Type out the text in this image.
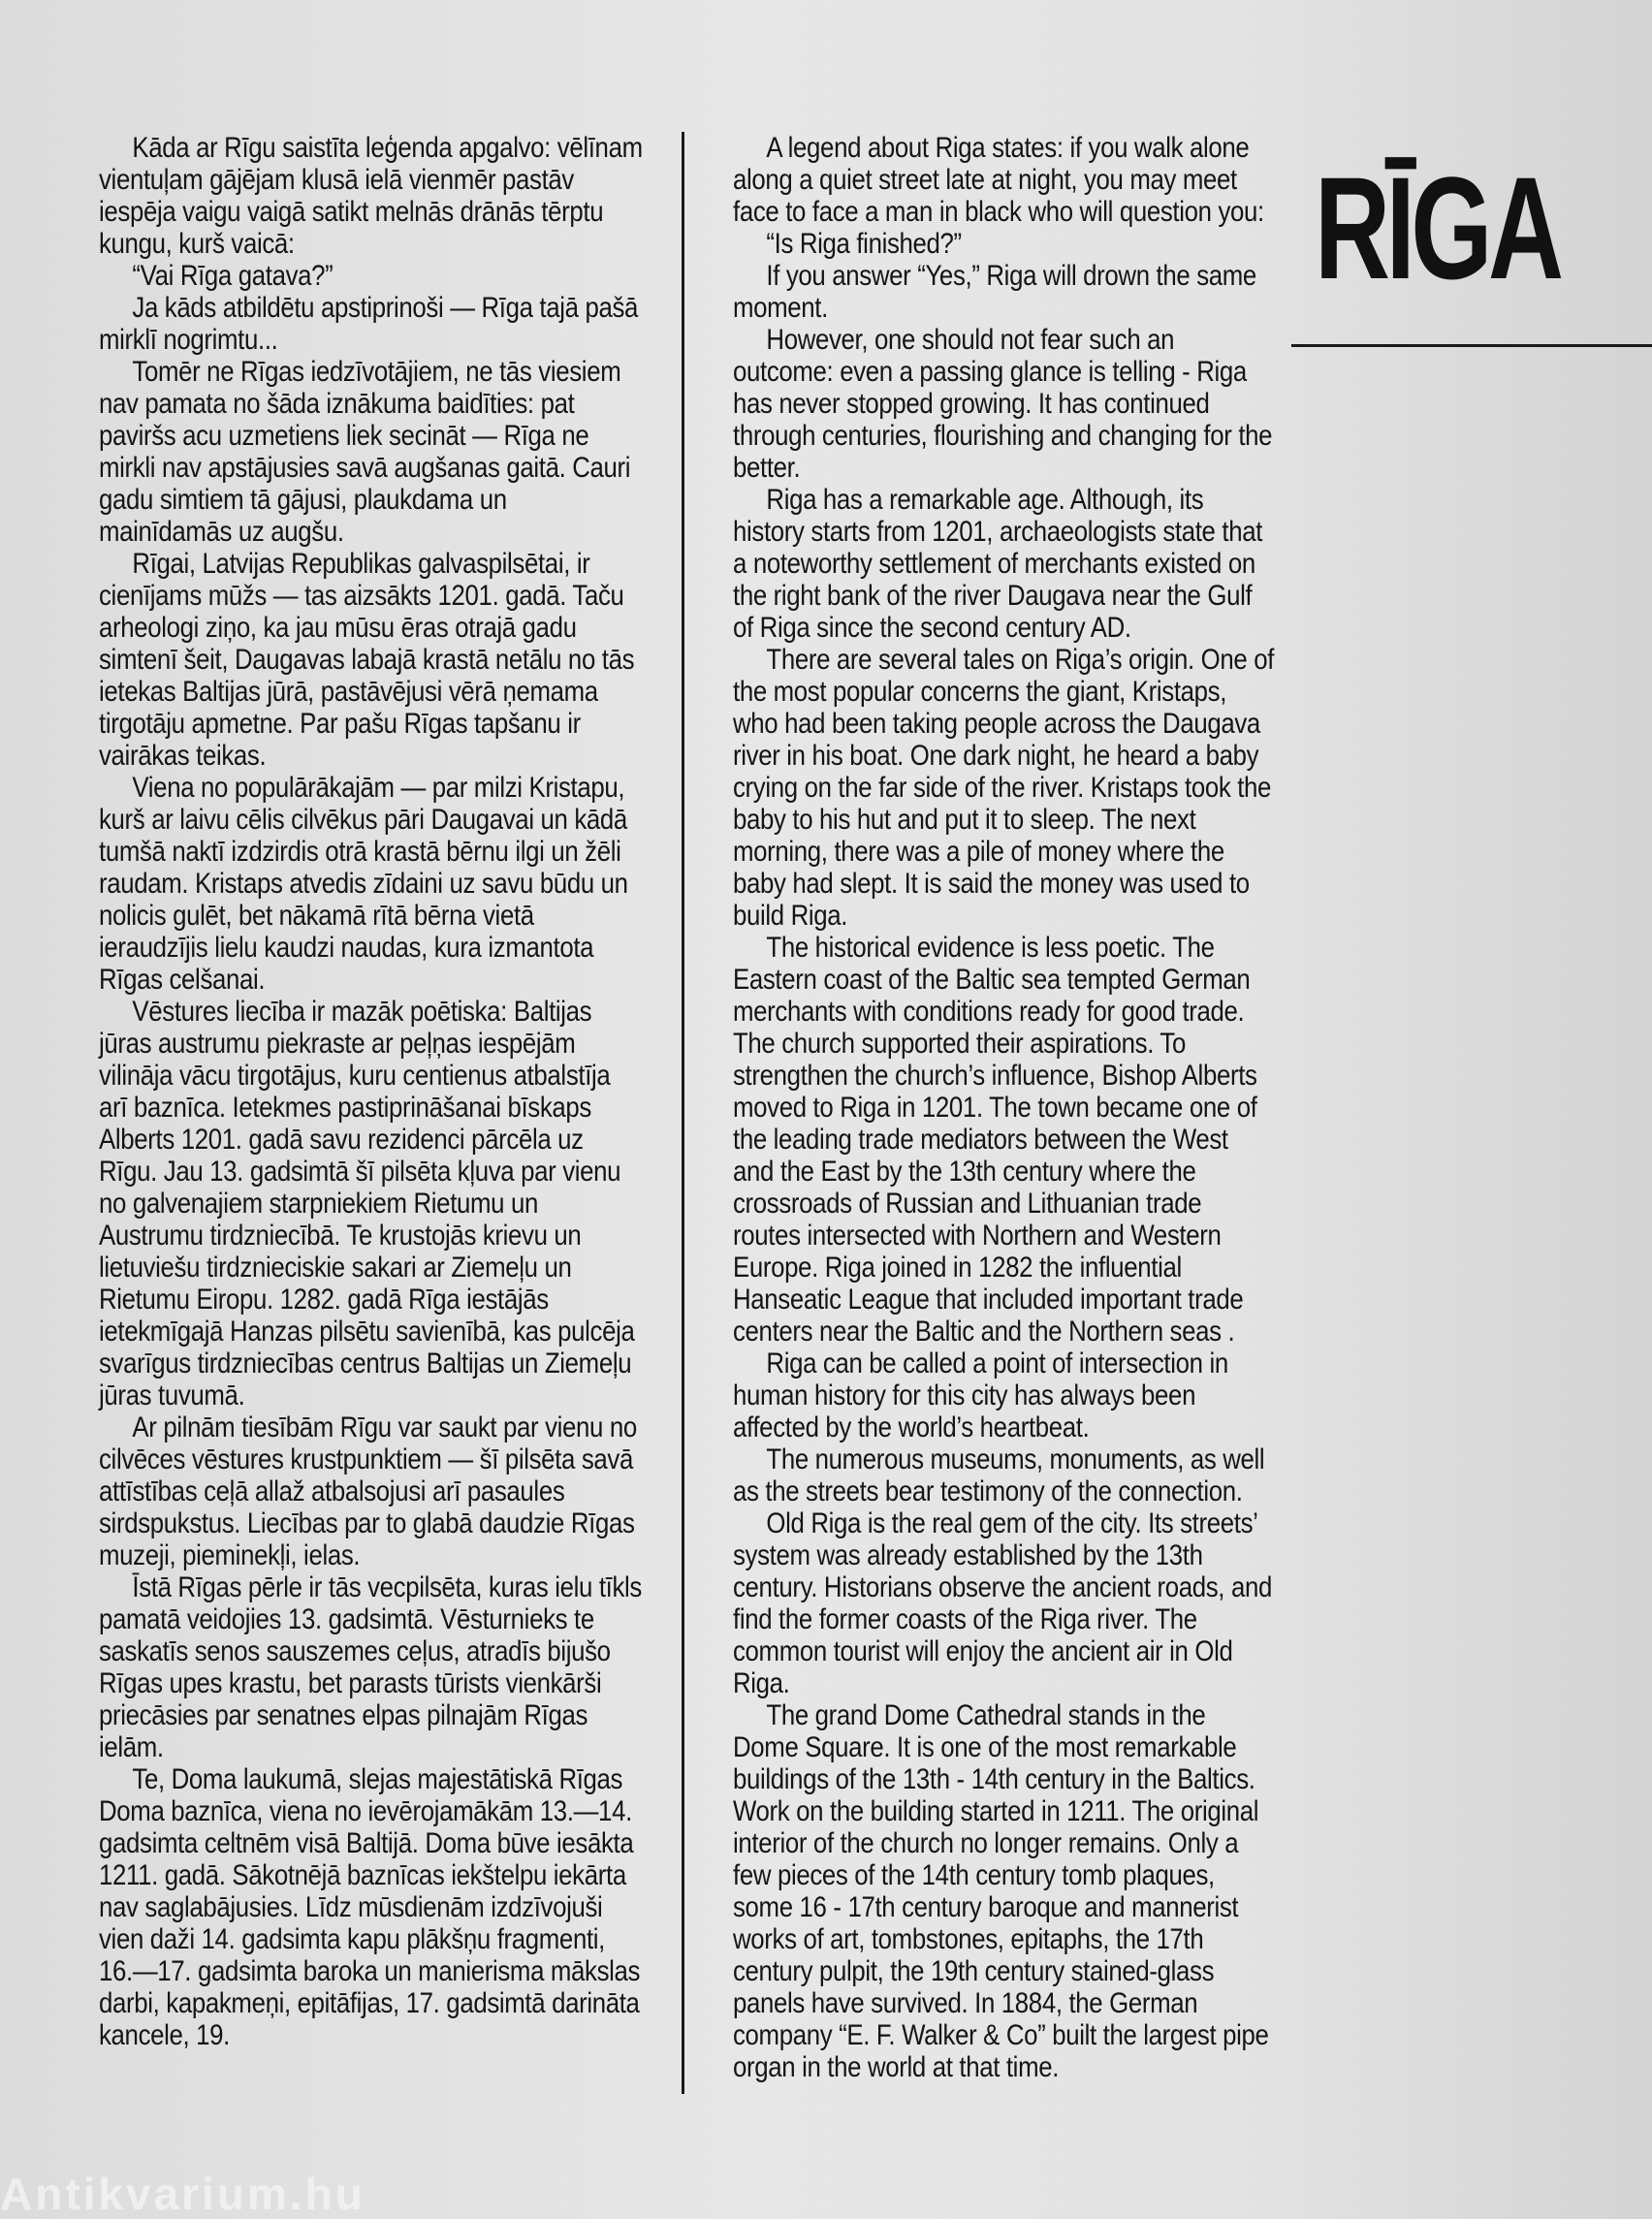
Kāda ar Rīgu saistīta leģenda apgalvo: vēlīnam vientuļam gājējam klusā ielā vienmēr pastāv iespēja vaigu vaigā satikt melnās drānās tērptu kungu, kurš vaicā:

“Vai Rīga gatava?”

Ja kāds atbildētu apstiprinoši — Rīga tajā pašā mirklī nogrimtu...

Tomēr ne Rīgas iedzīvotājiem, ne tās viesiem nav pamata no šāda iznākuma baidīties: pat paviršs acu uzmetiens liek secināt — Rīga ne mirkli nav apstājusies savā augšanas gaitā. Cauri gadu simtiem tā gājusi, plaukdama un mainīdamās uz augšu.

Rīgai, Latvijas Republikas galvaspilsētai, ir cienījams mūžs — tas aizsākts 1201. gadā. Taču arheologi ziņo, ka jau mūsu ēras otrajā gadu simtenī šeit, Daugavas labajā krastā netālu no tās ietekas Baltijas jūrā, pastāvējusi vērā ņemama tirgotāju apmetne. Par pašu Rīgas tapšanu ir vairākas teikas.

Viena no populārākajām — par milzi Kristapu, kurš ar laivu cēlis cilvēkus pāri Daugavai un kādā tumšā naktī izdzirdis otrā krastā bērnu ilgi un žēli raudam. Kristaps atvedis zīdaini uz savu būdu un nolicis gulēt, bet nākamā rītā bērna vietā ieraudzījis lielu kaudzi naudas, kura izmantota Rīgas celšanai.

Vēstures liecība ir mazāk poētiska: Baltijas jūras austrumu piekraste ar peļņas iespējām vilināja vācu tirgotājus, kuru centienus atbalstīja arī baznīca. Ietekmes pastiprināšanai bīskaps Alberts 1201. gadā savu rezidenci pārcēla uz Rīgu. Jau 13. gadsimtā šī pilsēta kļuva par vienu no galvenajiem starpniekiem Rietumu un Austrumu tirdzniecībā. Te krustojās krievu un lietuviešu tirdznieciskie sakari ar Ziemeļu un Rietumu Eiropu. 1282. gadā Rīga iestājās ietekmīgajā Hanzas pilsētu savienībā, kas pulcēja svarīgus tirdzniecības centrus Baltijas un Ziemeļu jūras tuvumā.

Ar pilnām tiesībām Rīgu var saukt par vienu no cilvēces vēstures krustpunktiem — šī pilsēta savā attīstības ceļā allaž atbalsojusi arī pasaules sirdspukstus. Liecības par to glabā daudzie Rīgas muzeji, pieminekļi, ielas.

Īstā Rīgas pērle ir tās vecpilsēta, kuras ielu tīkls pamatā veidojies 13. gadsimtā. Vēsturnieks te saskatīs senos sauszemes ceļus, atradīs bijušo Rīgas upes krastu, bet parasts tūrists vienkārši priecāsies par senatnes elpas pilnajām Rīgas ielām.

Te, Doma laukumā, slejas majestātiskā Rīgas Doma baznīca, viena no ievērojamākām 13.—14. gadsimta celtnēm visā Baltijā. Doma būve iesākta 1211. gadā. Sākotnējā baznīcas iekštelpu iekārta nav saglabājusies. Līdz mūsdienām izdzīvojuši vien daži 14. gadsimta kapu plākšņu fragmenti, 16.—17. gadsimta baroka un manierisma mākslas darbi, kapakmeņi, epitāfijas, 17. gadsimtā darināta kancele, 19.

A legend about Riga states: if you walk alone along a quiet street late at night, you may meet face to face a man in black who will question you:

“Is Riga finished?”

If you answer “Yes,” Riga will drown the same moment.

However, one should not fear such an outcome: even a passing glance is telling - Riga has never stopped growing. It has continued through centuries, flourishing and changing for the better.

Riga has a remarkable age. Although, its history starts from 1201, archaeologists state that a noteworthy settlement of merchants existed on the right bank of the river Daugava near the Gulf of Riga since the second century AD.

There are several tales on Riga’s origin. One of the most popular concerns the giant, Kristaps, who had been taking people across the Daugava river in his boat. One dark night, he heard a baby crying on the far side of the river. Kristaps took the baby to his hut and put it to sleep. The next morning, there was a pile of money where the baby had slept. It is said the money was used to build Riga.

The historical evidence is less poetic. The Eastern coast of the Baltic sea tempted German merchants with conditions ready for good trade. The church supported their aspirations. To strengthen the church’s influence, Bishop Alberts moved to Riga in 1201. The town became one of the leading trade mediators between the West and the East by the 13th century where the crossroads of Russian and Lithuanian trade routes intersected with Northern and Western Europe. Riga joined in 1282 the influential Hanseatic League that included important trade centers near the Baltic and the Northern seas .

Riga can be called a point of intersection in human history for this city has always been affected by the world’s heartbeat.

The numerous museums, monuments, as well as the streets bear testimony of the connection.

Old Riga is the real gem of the city. Its streets’ system was already established by the 13th century. Historians observe the ancient roads, and find the former coasts of the Riga river. The common tourist will enjoy the ancient air in Old Riga.

The grand Dome Cathedral stands in the Dome Square. It is one of the most remarkable buildings of the 13th - 14th century in the Baltics. Work on the building started in 1211. The original interior of the church no longer remains. Only a few pieces of the 14th century tomb plaques, some 16 - 17th century baroque and mannerist works of art, tombstones, epitaphs, the 17th century pulpit, the 19th century stained-glass panels have survived. In 1884, the German company “E. F. Walker & Co” built the largest pipe organ in the world at that time.

RĪGA
Antikvarium.hu
